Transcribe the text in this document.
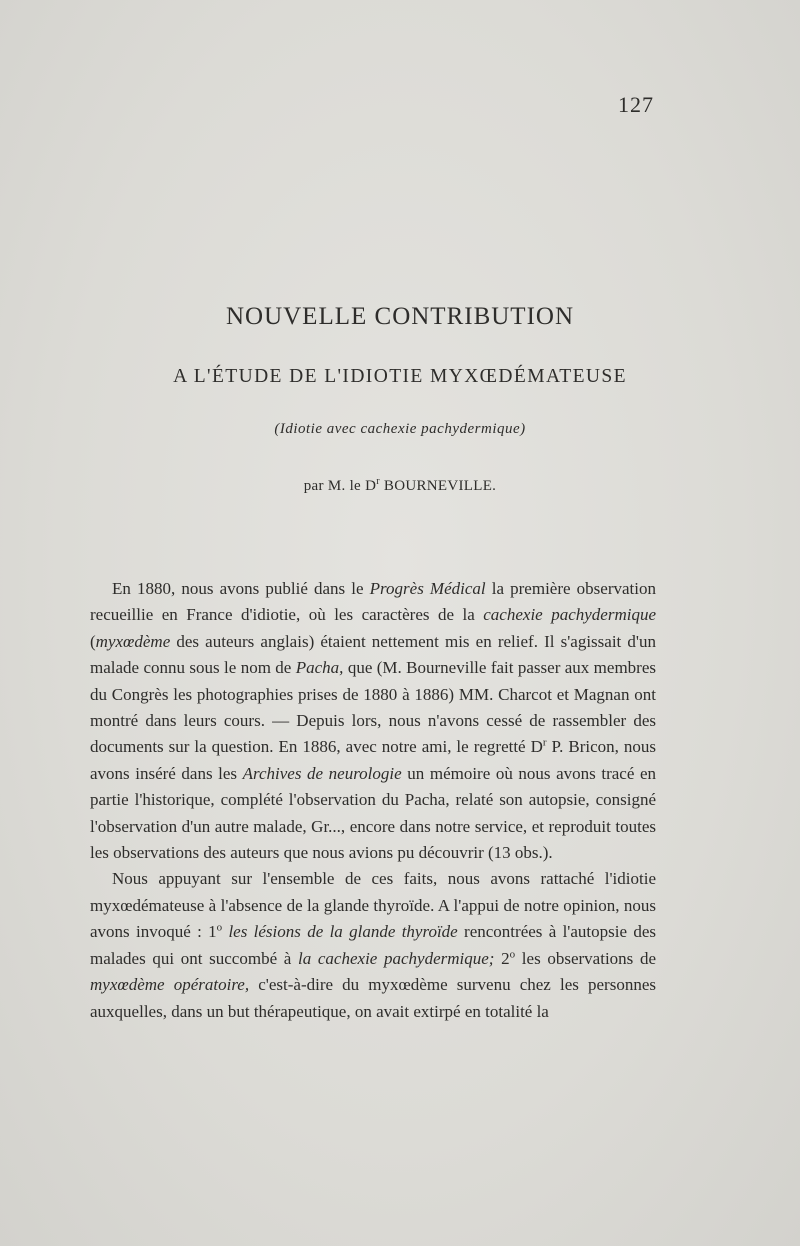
127
NOUVELLE CONTRIBUTION
A L'ÉTUDE DE L'IDIOTIE MYXŒDÉMATEUSE
(Idiotie avec cachexie pachydermique)
par M. le $D^r$ BOURNEVILLE.

En 1880, nous avons publié dans le Progrès Médical la première observation recueillie en France d'idiotie, où les caractères de la cachexie pachydermique (myxœdème des auteurs anglais) étaient nettement mis en relief. Il s'agissait d'un malade connu sous le nom de Pacha, que (M. Bourneville fait passer aux membres du Congrès les photographies prises de 1880 à 1886) MM. Charcot et Magnan ont montré dans leurs cours. — Depuis lors, nous n'avons cessé de rassembler des documents sur la question. En 1886, avec notre ami, le regretté $D^r$ P. Bricon, nous avons inséré dans les Archives de neurologie un mémoire où nous avons tracé en partie l'historique, complété l'observation du Pacha, relaté son autopsie, consigné l'observation d'un autre malade, Gr..., encore dans notre service, et reproduit toutes les observations des auteurs que nous avions pu découvrir (13 obs.).

Nous appuyant sur l'ensemble de ces faits, nous avons rattaché l'idiotie myxœdémateuse à l'absence de la glande thyroïde. A l'appui de notre opinion, nous avons invoqué : 1$^o$ les lésions de la glande thyroïde rencontrées à l'autopsie des malades qui ont succombé à la cachexie pachydermique; 2$^o$ les observations de myxœdème opératoire, c'est-à-dire du myxœdème survenu chez les personnes auxquelles, dans un but thérapeutique, on avait extirpé en totalité la
